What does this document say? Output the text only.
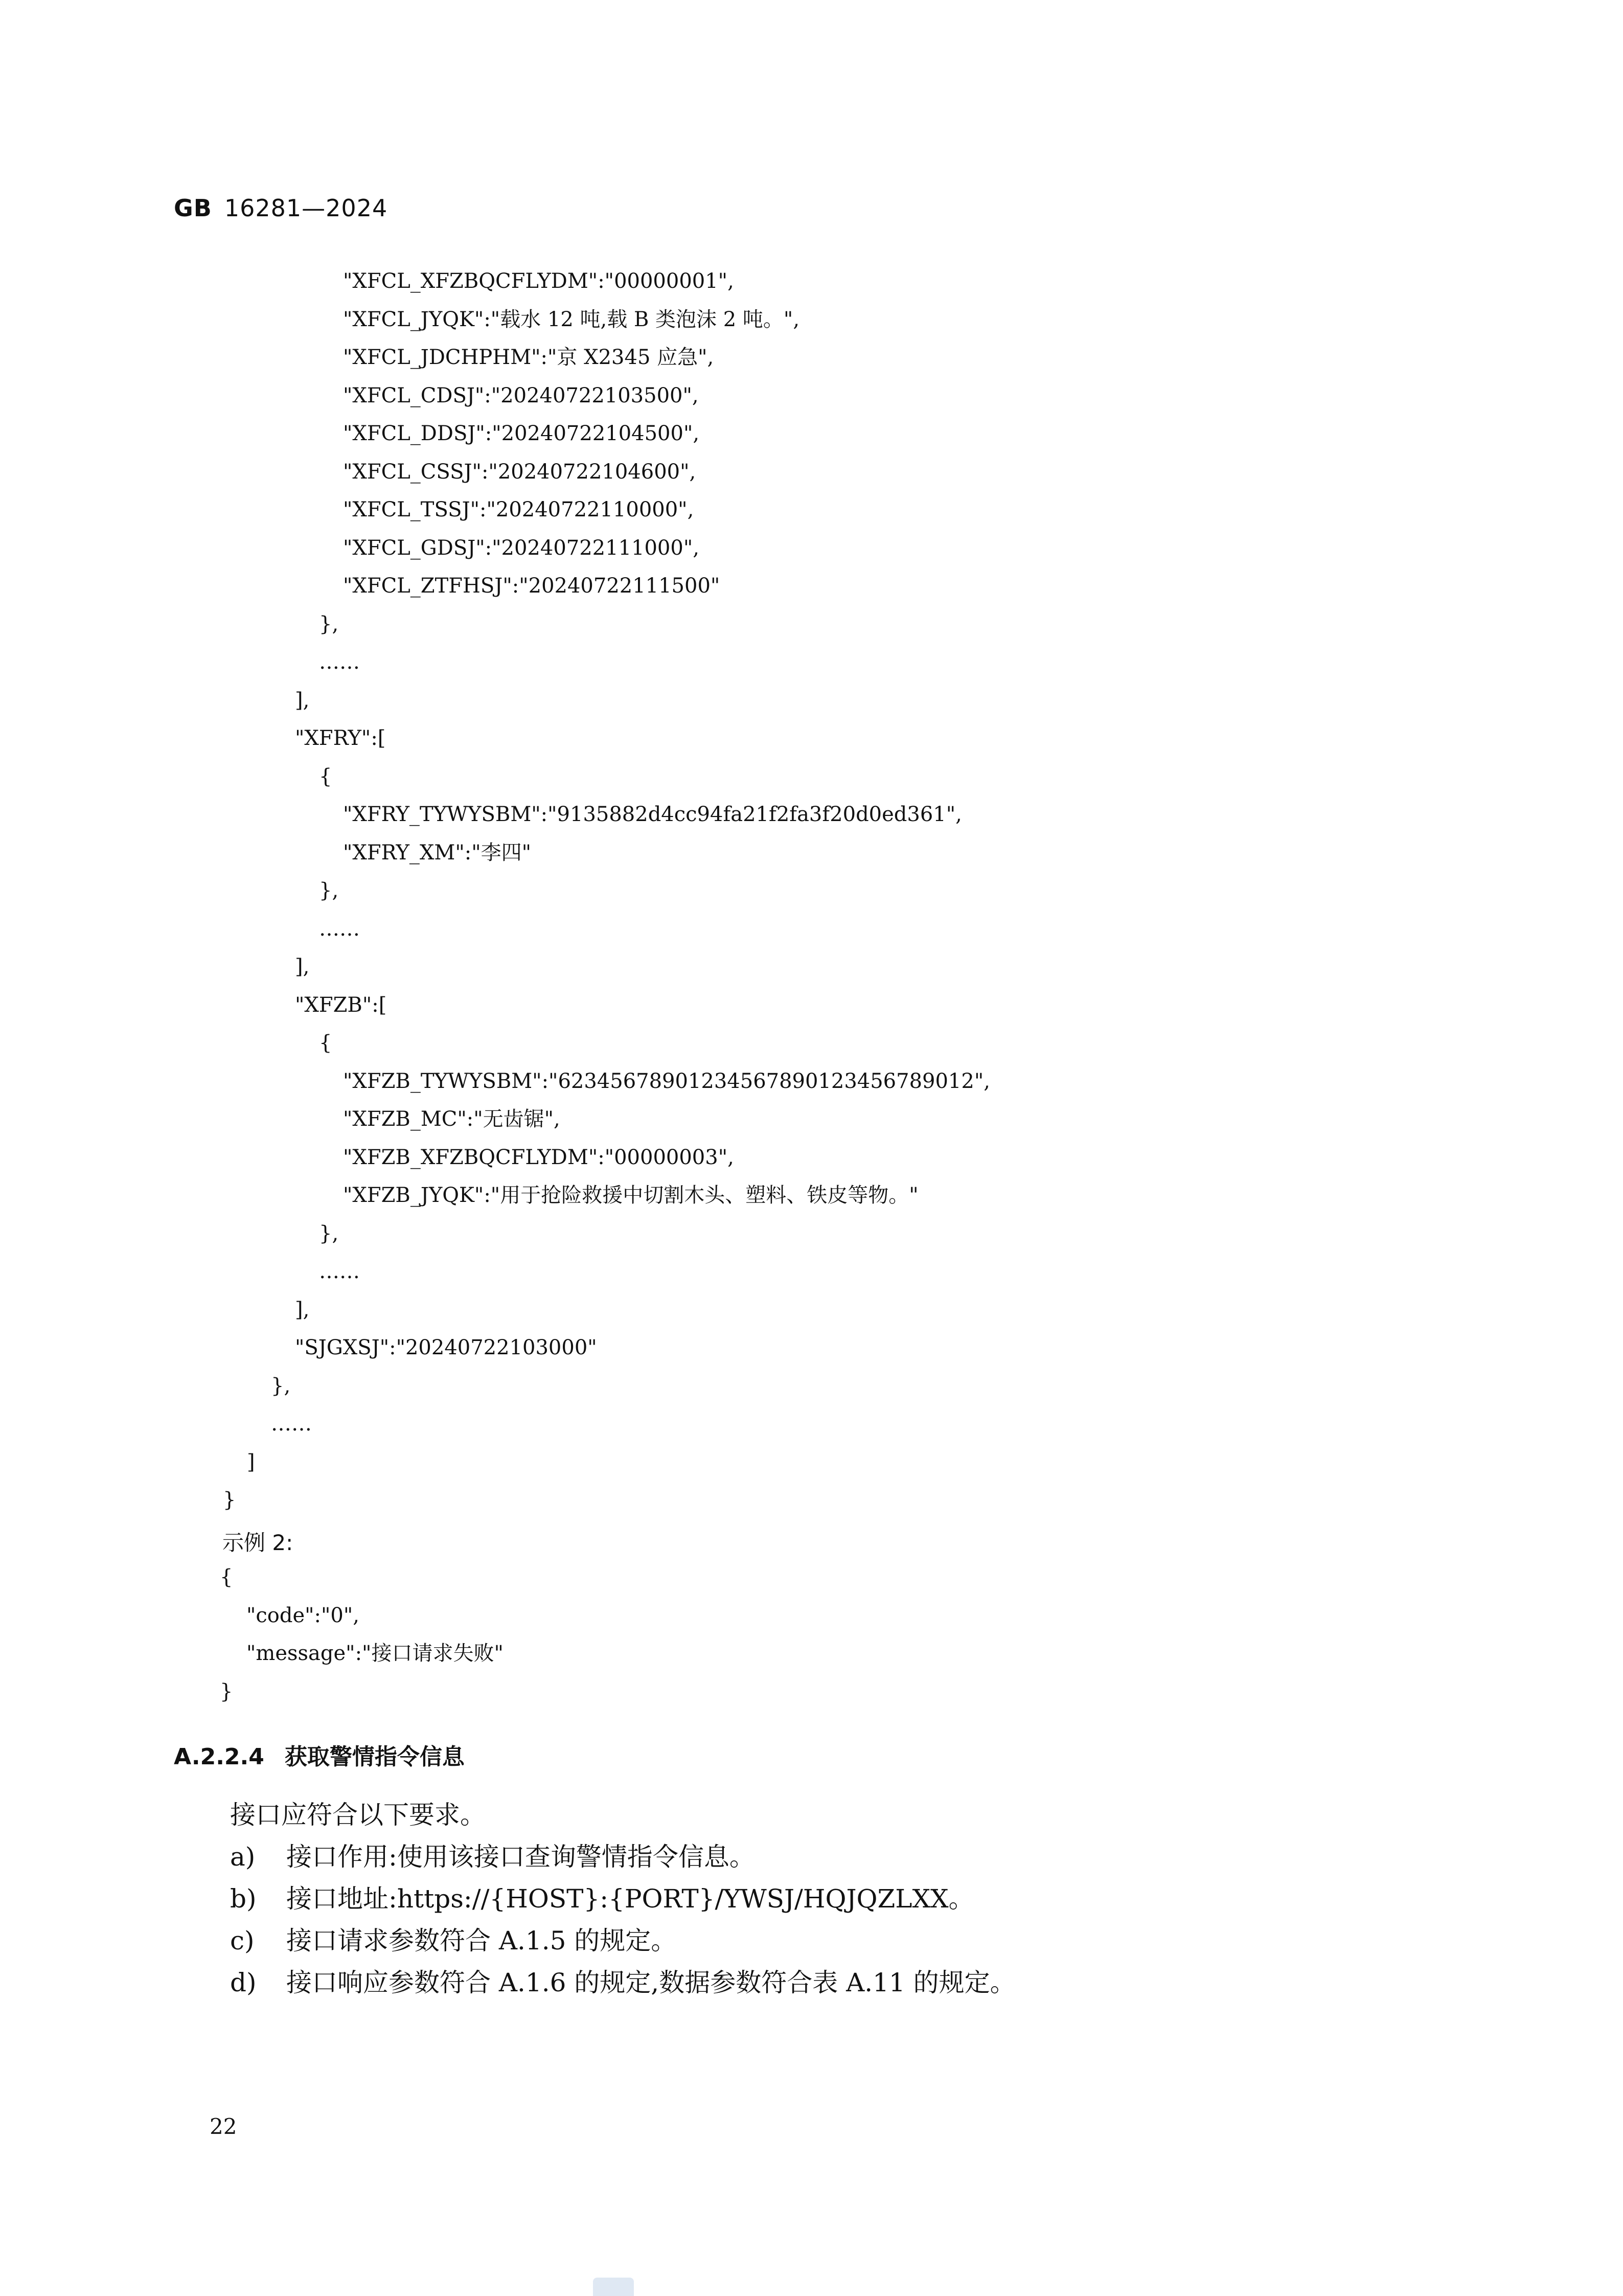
GB 16281—2024
"XFCL_XFZBQCFLYDM":"00000001",
"XFCL_JYQK":"载水 12 吨,载 B 类泡沫 2 吨。",
"XFCL_JDCHPHM":"京 X2345 应急",
"XFCL_CDSJ":"20240722103500",
"XFCL_DDSJ":"20240722104500",
"XFCL_CSSJ":"20240722104600",
"XFCL_TSSJ":"20240722110000",
"XFCL_GDSJ":"20240722111000",
"XFCL_ZTFHSJ":"20240722111500"
},
……
],
"XFRY":[
{
"XFRY_TYWYSBM":"9135882d4cc94fa21f2fa3f20d0ed361",
"XFRY_XM":"李四"
},
……
],
"XFZB":[
{
"XFZB_TYWYSBM":"62345678901234567890123456789012",
"XFZB_MC":"无齿锯",
"XFZB_XFZBQCFLYDM":"00000003",
"XFZB_JYQK":"用于抢险救援中切割木头、塑料、铁皮等物。"
},
……
],
"SJGXSJ":"20240722103000"
},
……
]
}
示例 2:
{
"code":"0",
"message":"接口请求失败"
}
A.2.2.4 获取警情指令信息
接口应符合以下要求。
a) 接口作用:使用该接口查询警情指令信息。
b) 接口地址:https://{HOST}:{PORT}/YWSJ/HQJQZLXX。
c) 接口请求参数符合 A.1.5 的规定。
d) 接口响应参数符合 A.1.6 的规定,数据参数符合表 A.11 的规定。
22
